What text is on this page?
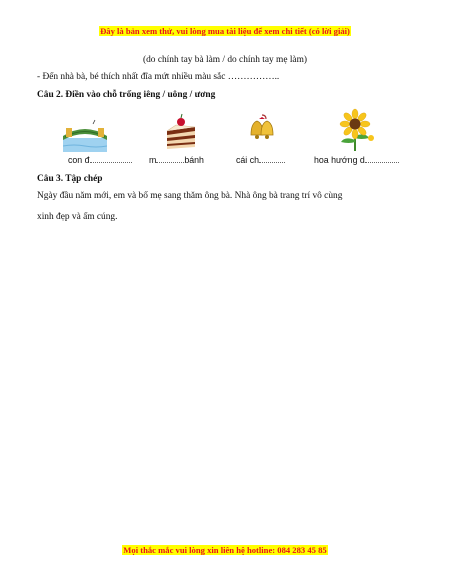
Đây là bản xem thử, vui lòng mua tài liệu để xem chi tiết (có lời giải)
(do chính tay bà làm / do chính tay mẹ làm)
- Đến nhà bà, bé thích nhất đĩa mứt nhiều màu sắc ……………..
Câu 2. Điền vào chỗ trống iêng / uông / ương
con đ	m	bánh	cái ch	hoa hướng d
Câu 3. Tập chép
Ngày đầu năm mới, em và bố mẹ sang thăm ông bà. Nhà ông bà trang trí vô cùng
xinh đẹp và ấm cúng.
Mọi thắc mắc vui lòng xin liên hệ hotline: 084 283 45 85
